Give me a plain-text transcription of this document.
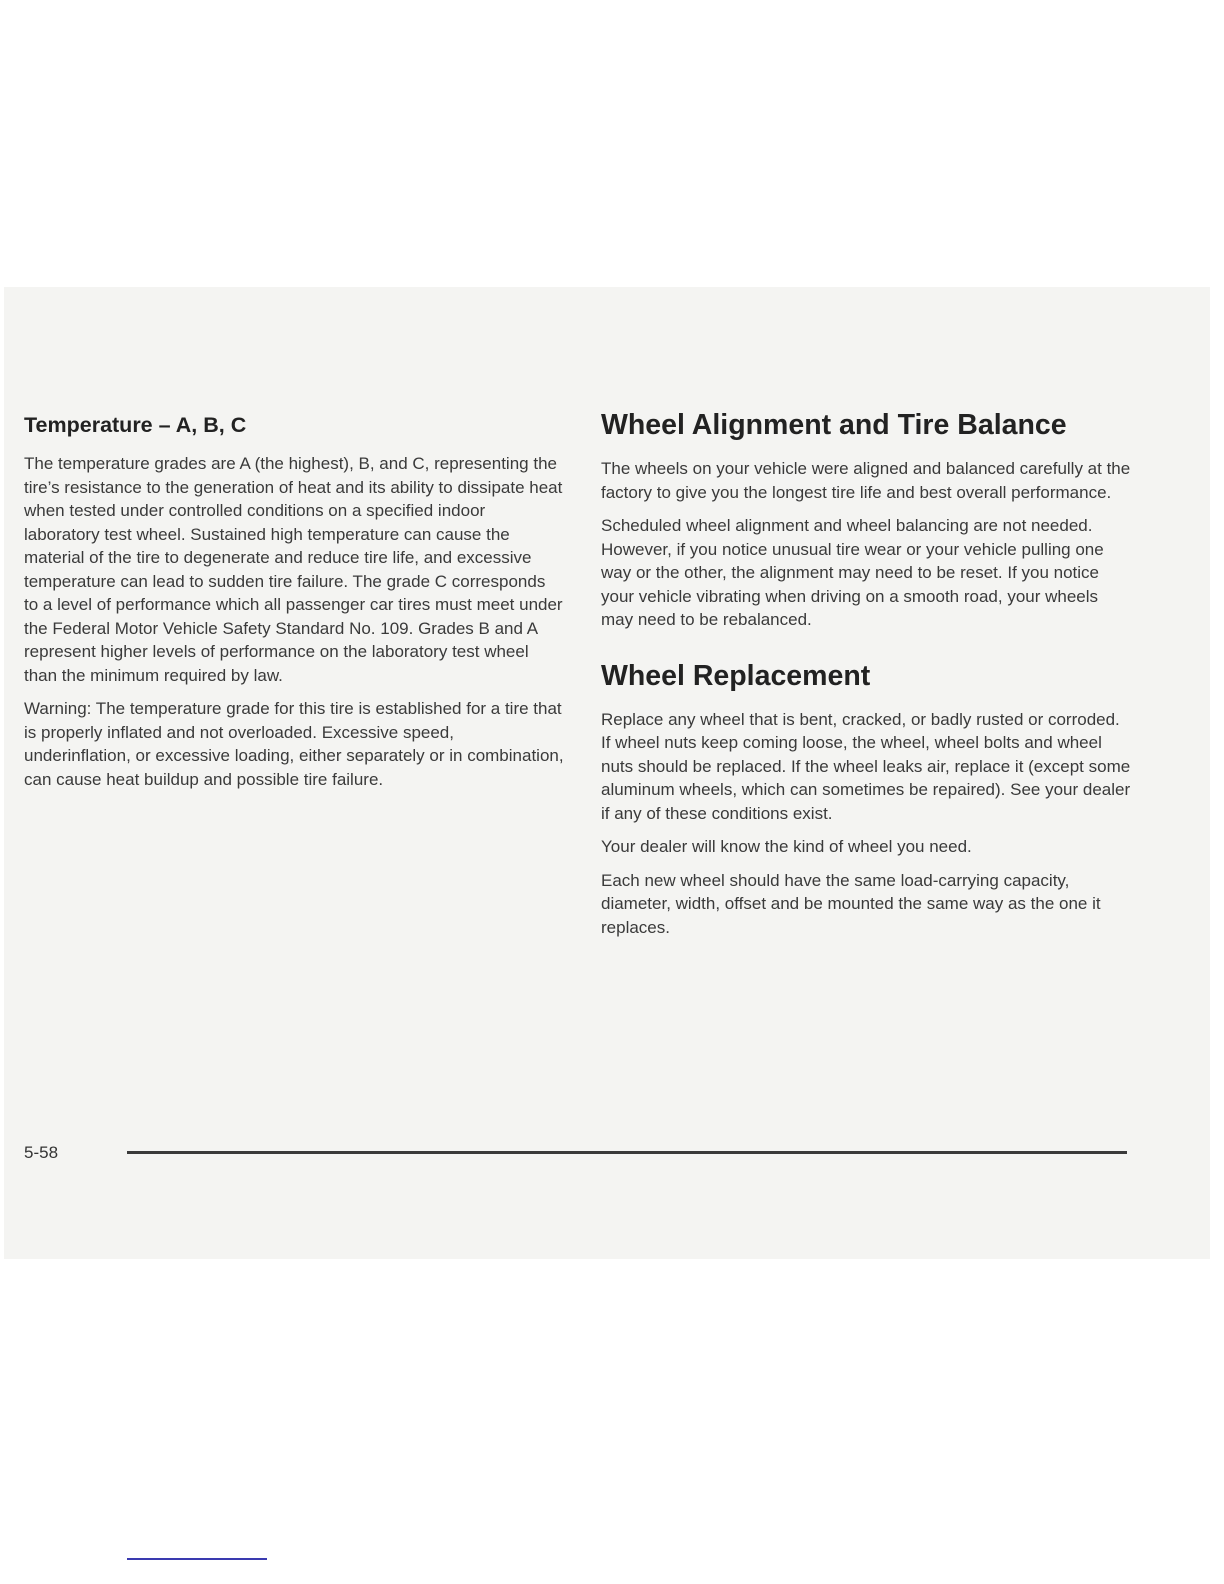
Temperature – A, B, C

The temperature grades are A (the highest), B, and C, representing the tire’s resistance to the generation of heat and its ability to dissipate heat when tested under controlled conditions on a specified indoor laboratory test wheel. Sustained high temperature can cause the material of the tire to degenerate and reduce tire life, and excessive temperature can lead to sudden tire failure. The grade C corresponds to a level of performance which all passenger car tires must meet under the Federal Motor Vehicle Safety Standard No. 109. Grades B and A represent higher levels of performance on the laboratory test wheel than the minimum required by law.

Warning: The temperature grade for this tire is established for a tire that is properly inflated and not overloaded. Excessive speed, underinflation, or excessive loading, either separately or in combination, can cause heat buildup and possible tire failure.

Wheel Alignment and Tire Balance

The wheels on your vehicle were aligned and balanced carefully at the factory to give you the longest tire life and best overall performance.

Scheduled wheel alignment and wheel balancing are not needed. However, if you notice unusual tire wear or your vehicle pulling one way or the other, the alignment may need to be reset. If you notice your vehicle vibrating when driving on a smooth road, your wheels may need to be rebalanced.

Wheel Replacement

Replace any wheel that is bent, cracked, or badly rusted or corroded. If wheel nuts keep coming loose, the wheel, wheel bolts and wheel nuts should be replaced. If the wheel leaks air, replace it (except some aluminum wheels, which can sometimes be repaired). See your dealer if any of these conditions exist.

Your dealer will know the kind of wheel you need.

Each new wheel should have the same load-carrying capacity, diameter, width, offset and be mounted the same way as the one it replaces.

5-58
